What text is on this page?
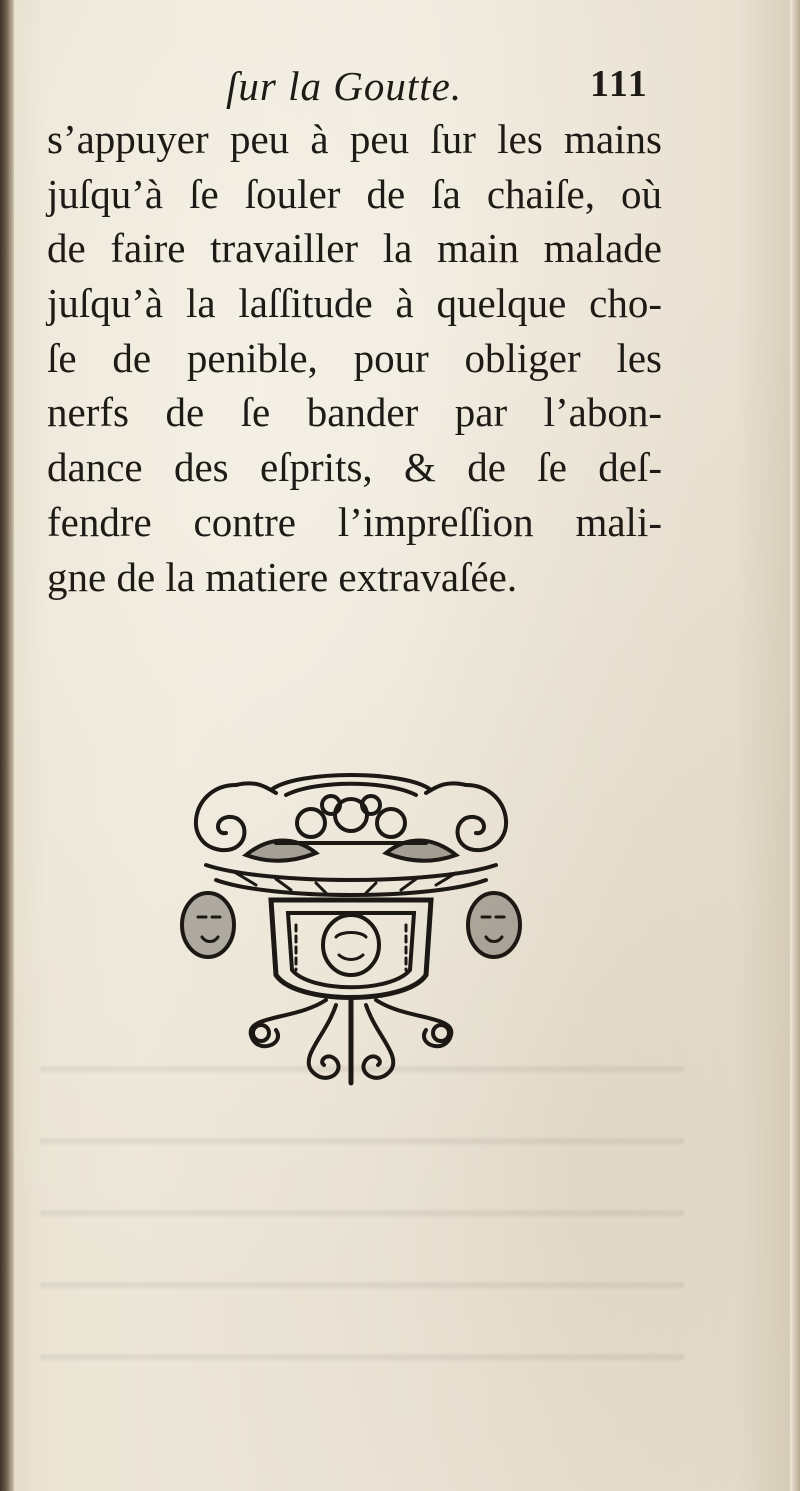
ſur la Goutte.	111
s’appuyer peu à peu ſur les mains
juſqu’à ſe ſouler de ſa chaiſe, où
de faire travailler la main malade
juſqu’à la laſſitude à quelque cho-
ſe de penible, pour obliger les
nerfs de ſe bander par l’abon-
dance des eſprits, & de ſe deſ-
fendre contre l’impreſſion mali-
gne de la matiere extravaſée.
